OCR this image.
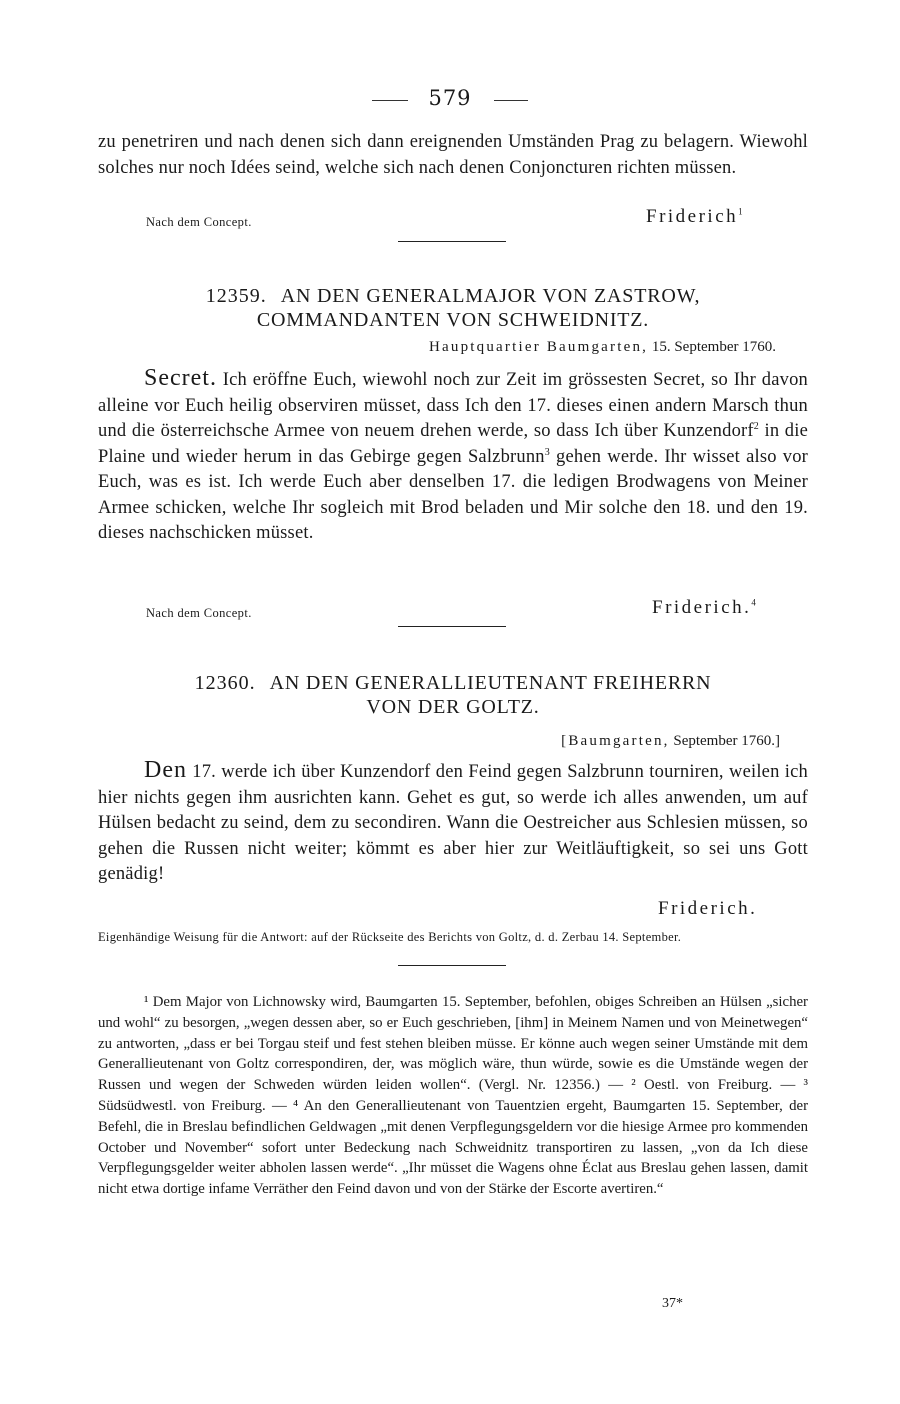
579
zu penetriren und nach denen sich dann ereignenden Umständen Prag zu belagern. Wiewohl solches nur noch Idées seind, welche sich nach denen Conjoncturen richten müssen.
Nach dem Concept.	Friderich$^1$
12359. AN DEN GENERALMAJOR VON ZASTROW,
COMMANDANTEN VON SCHWEIDNITZ.
Hauptquartier Baumgarten, 15. September 1760.
Secret. Ich eröffne Euch, wiewohl noch zur Zeit im grössesten Secret, so Ihr davon alleine vor Euch heilig observiren müsset, dass Ich den 17. dieses einen andern Marsch thun und die österreichsche Armee von neuem drehen werde, so dass Ich über Kunzendorf$^2$ in die Plaine und wieder herum in das Gebirge gegen Salzbrunn$^3$ gehen werde. Ihr wisset also vor Euch, was es ist. Ich werde Euch aber denselben 17. die ledigen Brodwagens von Meiner Armee schicken, welche Ihr sogleich mit Brod beladen und Mir solche den 18. und den 19. dieses nachschicken müsset.
Nach dem Concept.	Friderich.$^4$
12360. AN DEN GENERALLIEUTENANT FREIHERRN
VON DER GOLTZ.
[Baumgarten, September 1760.]
Den 17. werde ich über Kunzendorf den Feind gegen Salzbrunn tourniren, weilen ich hier nichts gegen ihm ausrichten kann. Gehet es gut, so werde ich alles anwenden, um auf Hülsen bedacht zu seind, dem zu secondiren. Wann die Oestreicher aus Schlesien müssen, so gehen die Russen nicht weiter; kömmt es aber hier zur Weitläuftigkeit, so sei uns Gott genädig!
Friderich.
Eigenhändige Weisung für die Antwort: auf der Rückseite des Berichts von Goltz, d. d. Zerbau 14. September.
¹ Dem Major von Lichnowsky wird, Baumgarten 15. September, befohlen, obiges Schreiben an Hülsen „sicher und wohl“ zu besorgen, „wegen dessen aber, so er Euch geschrieben, [ihm] in Meinem Namen und von Meinetwegen“ zu antworten, „dass er bei Torgau steif und fest stehen bleiben müsse. Er könne auch wegen seiner Umstände mit dem Generallieutenant von Goltz correspondiren, der, was möglich wäre, thun würde, sowie es die Umstände wegen der Russen und wegen der Schweden würden leiden wollen“. (Vergl. Nr. 12356.) — ² Oestl. von Freiburg. — ³ Südsüdwestl. von Freiburg. — ⁴ An den Generallieutenant von Tauentzien ergeht, Baumgarten 15. September, der Befehl, die in Breslau befindlichen Geldwagen „mit denen Verpflegungsgeldern vor die hiesige Armee pro kommenden October und November“ sofort unter Bedeckung nach Schweidnitz transportiren zu lassen, „von da Ich diese Verpflegungsgelder weiter abholen lassen werde“. „Ihr müsset die Wagens ohne Éclat aus Breslau gehen lassen, damit nicht etwa dortige infame Verräther den Feind davon und von der Stärke der Escorte avertiren.“
37*
